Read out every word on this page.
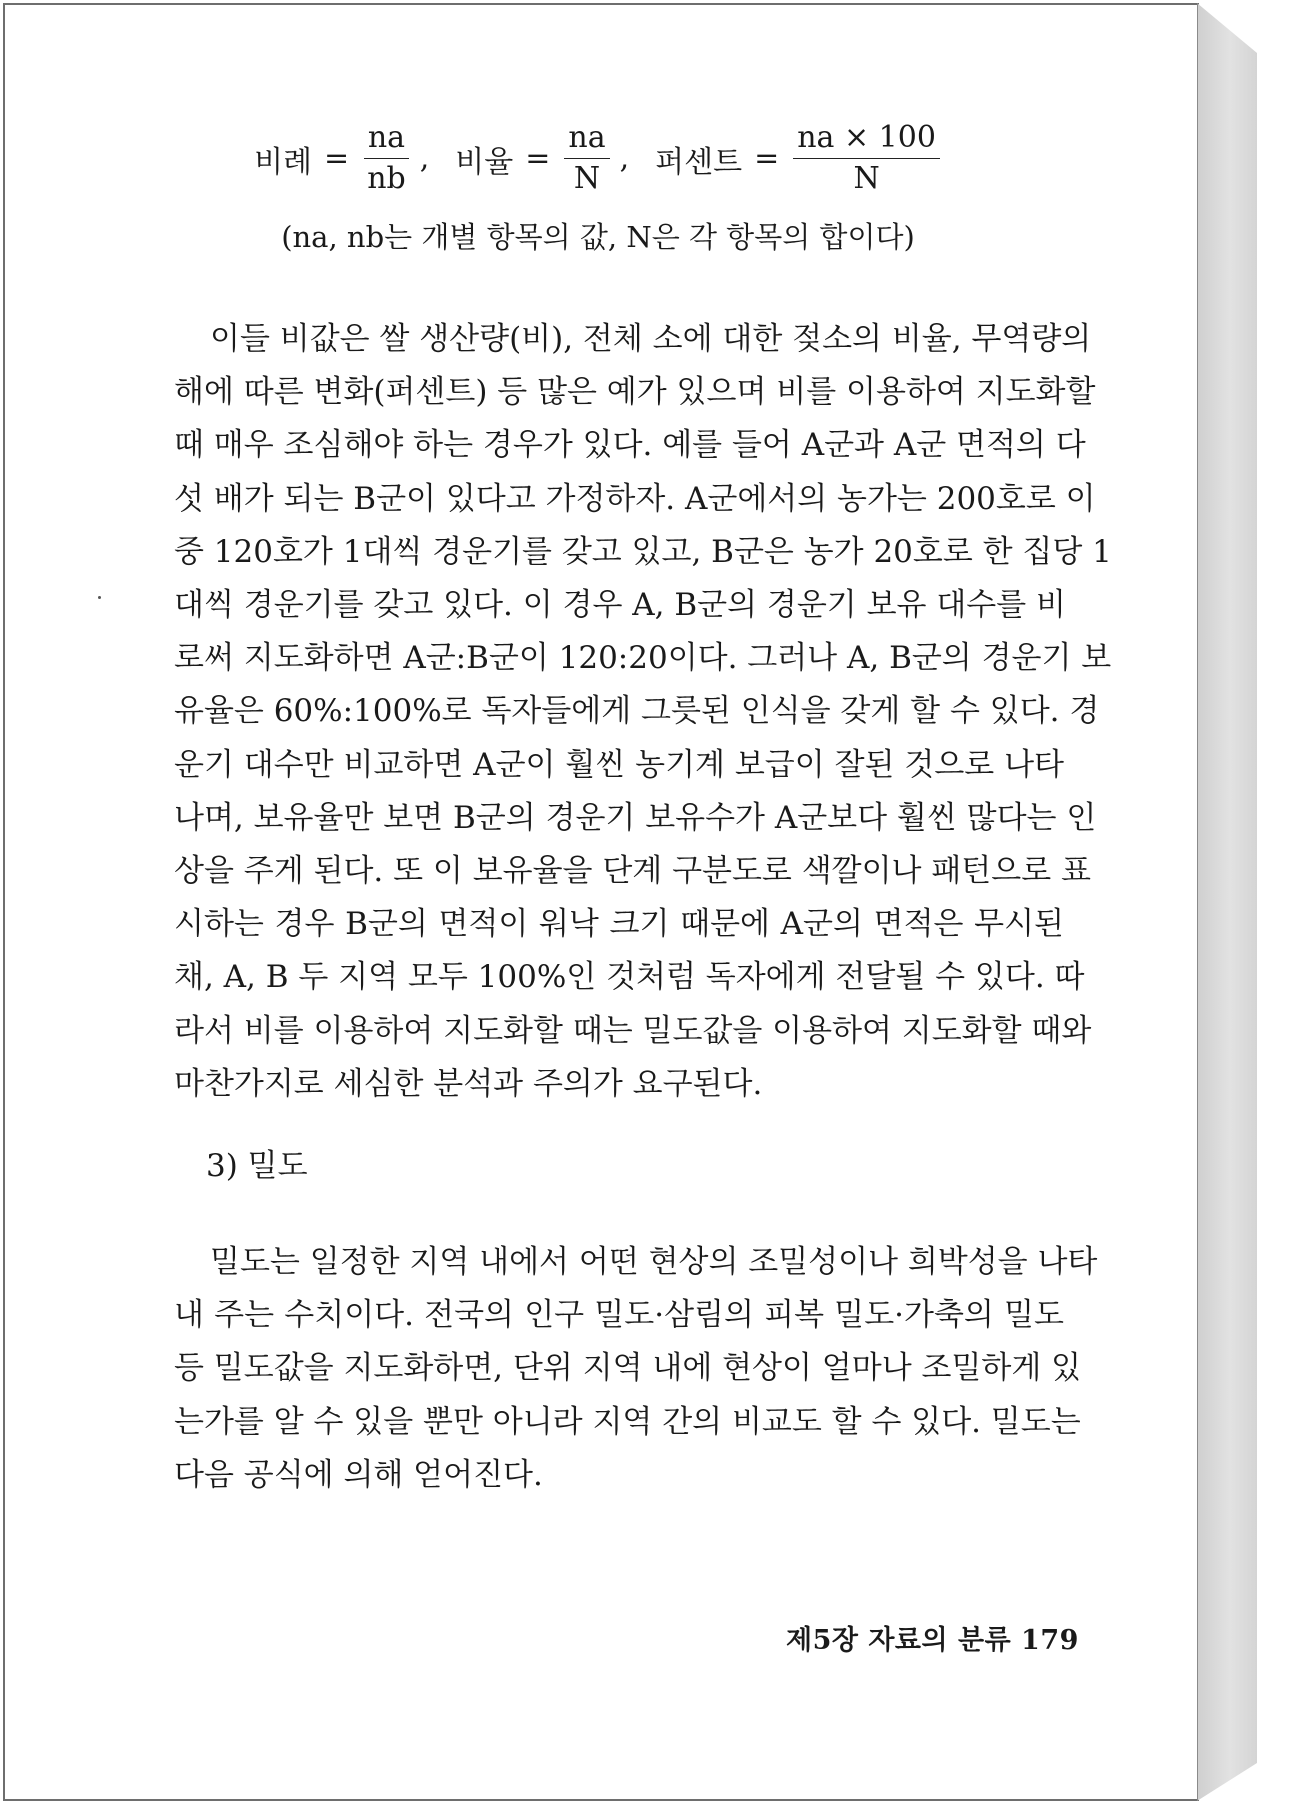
비례 = $\frac{na}{nb}$ , 비율 = $\frac{na}{N}$ , 퍼센트 = $\frac{na \times 100}{N}$
(na, nb는 개별 항목의 값, N은 각 항목의 합이다)
이들 비값은 쌀 생산량(비), 전체 소에 대한 젖소의 비율, 무역량의
해에 따른 변화(퍼센트) 등 많은 예가 있으며 비를 이용하여 지도화할
때 매우 조심해야 하는 경우가 있다. 예를 들어 A군과 A군 면적의 다
섯 배가 되는 B군이 있다고 가정하자. A군에서의 농가는 200호로 이
중 120호가 1대씩 경운기를 갖고 있고, B군은 농가 20호로 한 집당 1
대씩 경운기를 갖고 있다. 이 경우 A, B군의 경운기 보유 대수를 비
로써 지도화하면 A군:B군이 120:20이다. 그러나 A, B군의 경운기 보
유율은 60%:100%로 독자들에게 그릇된 인식을 갖게 할 수 있다. 경
운기 대수만 비교하면 A군이 훨씬 농기계 보급이 잘된 것으로 나타
나며, 보유율만 보면 B군의 경운기 보유수가 A군보다 훨씬 많다는 인
상을 주게 된다. 또 이 보유율을 단계 구분도로 색깔이나 패턴으로 표
시하는 경우 B군의 면적이 워낙 크기 때문에 A군의 면적은 무시된
채, A, B 두 지역 모두 100%인 것처럼 독자에게 전달될 수 있다. 따
라서 비를 이용하여 지도화할 때는 밀도값을 이용하여 지도화할 때와
마찬가지로 세심한 분석과 주의가 요구된다.
3) 밀도
밀도는 일정한 지역 내에서 어떤 현상의 조밀성이나 희박성을 나타
내 주는 수치이다. 전국의 인구 밀도·삼림의 피복 밀도·가축의 밀도
등 밀도값을 지도화하면, 단위 지역 내에 현상이 얼마나 조밀하게 있
는가를 알 수 있을 뿐만 아니라 지역 간의 비교도 할 수 있다. 밀도는
다음 공식에 의해 얻어진다.
제5장 자료의 분류 179
